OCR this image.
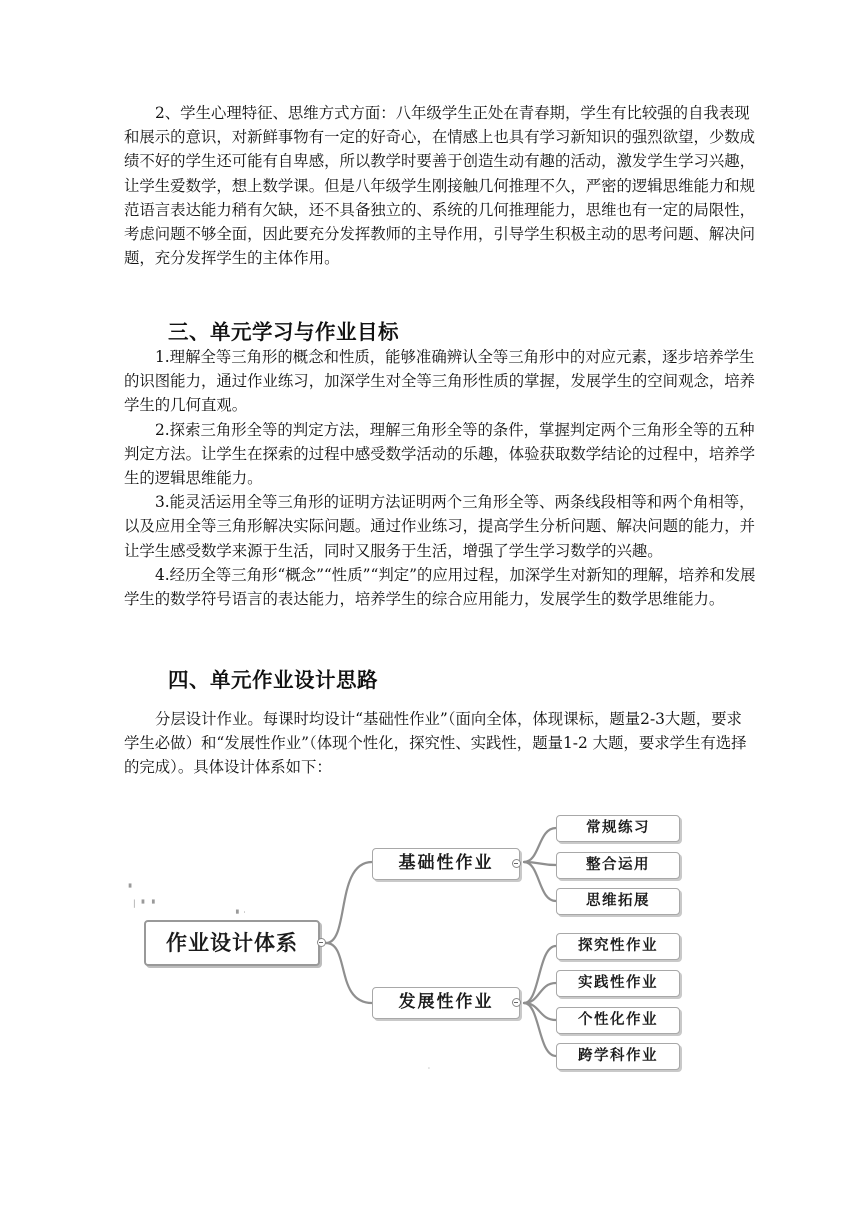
2、学生心理特征、思维方式方面：八年级学生正处在青春期，学生有比较强的自我表现和展示的意识，对新鲜事物有一定的好奇心，在情感上也具有学习新知识的强烈欲望，少数成绩不好的学生还可能有自卑感，所以教学时要善于创造生动有趣的活动，激发学生学习兴趣，让学生爱数学，想上数学课。但是八年级学生刚接触几何推理不久，严密的逻辑思维能力和规范语言表达能力稍有欠缺，还不具备独立的、系统的几何推理能力，思维也有一定的局限性，考虑问题不够全面，因此要充分发挥教师的主导作用，引导学生积极主动的思考问题、解决问题，充分发挥学生的主体作用。

三、单元学习与作业目标

1.理解全等三角形的概念和性质，能够准确辨认全等三角形中的对应元素，逐步培养学生的识图能力，通过作业练习，加深学生对全等三角形性质的掌握，发展学生的空间观念，培养学生的几何直观。

2.探索三角形全等的判定方法，理解三角形全等的条件，掌握判定两个三角形全等的五种判定方法。让学生在探索的过程中感受数学活动的乐趣，体验获取数学结论的过程中，培养学生的逻辑思维能力。

3.能灵活运用全等三角形的证明方法证明两个三角形全等、两条线段相等和两个角相等，以及应用全等三角形解决实际问题。通过作业练习，提高学生分析问题、解决问题的能力，并让学生感受数学来源于生活，同时又服务于生活，增强了学生学习数学的兴趣。

4.经历全等三角形“概念”“性质”“判定”的应用过程，加深学生对新知的理解，培养和发展学生的数学符号语言的表达能力，培养学生的综合应用能力，发展学生的数学思维能力。

四、单元作业设计思路

分层设计作业。每课时均设计“基础性作业”（面向全体，体现课标，题量2-3大题，要求学生必做）和“发展性作业”（体现个性化，探究性、实践性，题量1-2 大题，要求学生有选择的完成）。具体设计体系如下：

▝
▏ ▘ ▝
▖ ˌ
作业设计体系
基础性作业
发展性作业
常规练习
整合运用
思维拓展
探究性作业
实践性作业
个性化作业
跨学科作业
ˌ
